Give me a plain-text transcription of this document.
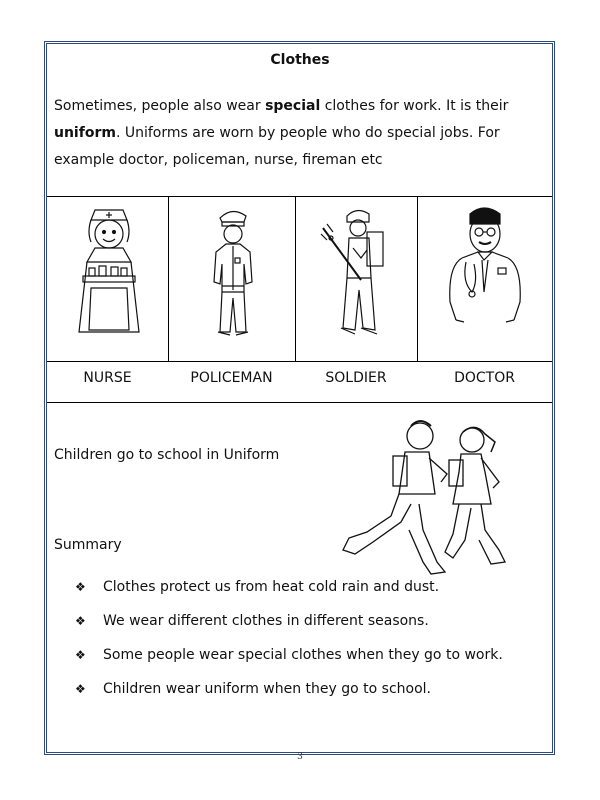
Clothes
Sometimes, people also wear special clothes for work. It is their
uniform. Uniforms are worn by people who do special jobs. For
example doctor, policeman, nurse, fireman etc
NURSE	POLICEMAN	SOLDIER	DOCTOR
Children go to school in Uniform
Summary
❖	Clothes protect us from heat cold rain and dust.
❖	We wear different clothes in different seasons.
❖	Some people wear special clothes when they go to work.
❖	Children wear uniform when they go to school.
3
